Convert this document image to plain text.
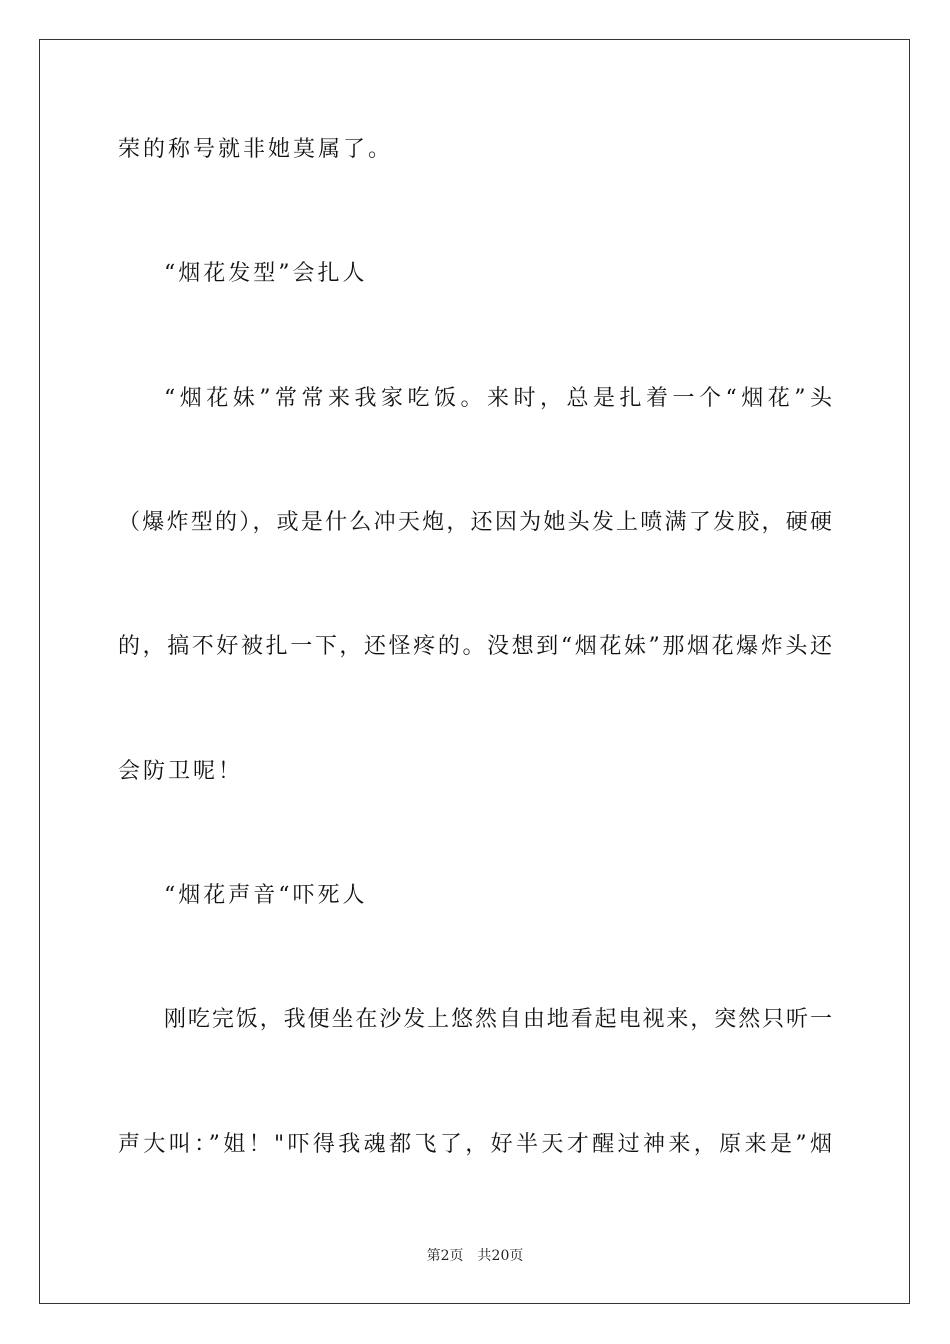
荣的称号就非她莫属了。
“烟花发型”会扎人
“烟花妹”常常来我家吃饭。来时，总是扎着一个“烟花”头
（爆炸型的），或是什么冲天炮，还因为她头发上喷满了发胶，硬硬
的，搞不好被扎一下，还怪疼的。没想到“烟花妹”那烟花爆炸头还
会防卫呢！
“烟花声音“吓死人
刚吃完饭，我便坐在沙发上悠然自由地看起电视来，突然只听一
声大叫：”姐！"吓得我魂都飞了，好半天才醒过神来，原来是”烟
第2页 共20页
